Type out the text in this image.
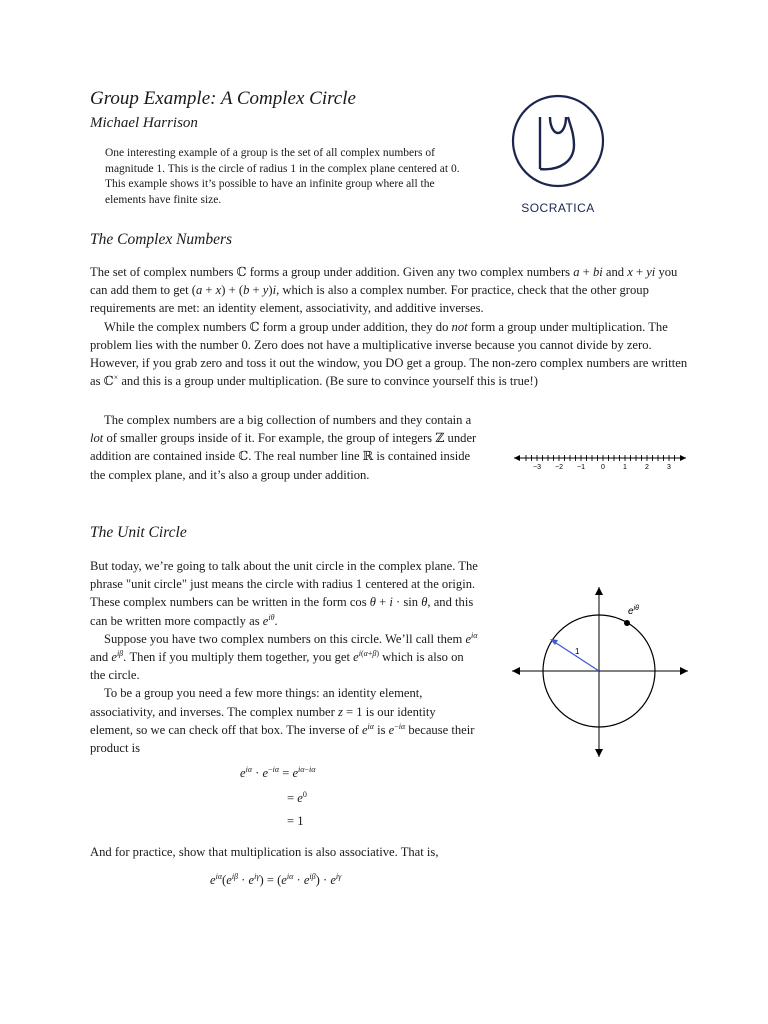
Group Example: A Complex Circle
Michael Harrison

One interesting example of a group is the set of all complex numbers of magnitude 1. This is the circle of radius 1 in the complex plane centered at 0. This example shows it’s possible to have an infinite group where all the elements have finite size.

SOCRATICA
The Complex Numbers

The set of complex numbers ℂ forms a group under addition. Given any two complex numbers a + bi and x + yi you can add them to get (a + x) + (b + y)i, which is also a complex number. For practice, check that the other group requirements are met: an identity element, associativity, and additive inverses.

While the complex numbers ℂ form a group under addition, they do not form a group under multiplication. The problem lies with the number 0. Zero does not have a multiplicative inverse because you cannot divide by zero. However, if you grab zero and toss it out the window, you DO get a group. The non-zero complex numbers are written as ℂ× and this is a group under multiplication. (Be sure to convince yourself this is true!)

The complex numbers are a big collection of numbers and they contain a lot of smaller groups inside of it. For example, the group of integers ℤ under addition are contained inside ℂ. The real number line ℝ is contained inside the complex plane, and it’s also a group under addition.

−3 −2 −1 0	1	2	3
The Unit Circle

But today, we’re going to talk about the unit circle in the complex plane. The phrase "unit circle" just means the circle with radius 1 centered at the origin. These complex numbers can be written in the form cos θ + i · sin θ, and this can be written more compactly as $e^{i\theta}$.

Suppose you have two complex numbers on this circle. We’ll call them $e^{i\alpha}$ and $e^{i\beta}$. Then if you multiply them together, you get $e^{i(\alpha+\beta)}$ which is also on the circle.

To be a group you need a few more things: an identity element, associativity, and inverses. The complex number z = 1 is our identity element, so we can check off that box. The inverse of $e^{i\alpha}$ is $e^{-i\alpha}$ because their product is

$e^{i\alpha} \cdot e^{-i\alpha} = e^{i\alpha-i\alpha}$
= $e^0$
= 1
And for practice, show that multiplication is also associative. That is,
$e^{i\alpha}(e^{i\beta} \cdot e^{i\gamma}) = (e^{i\alpha} \cdot e^{i\beta}) \cdot e^{i\gamma}$
1
$e^{i\theta}$
